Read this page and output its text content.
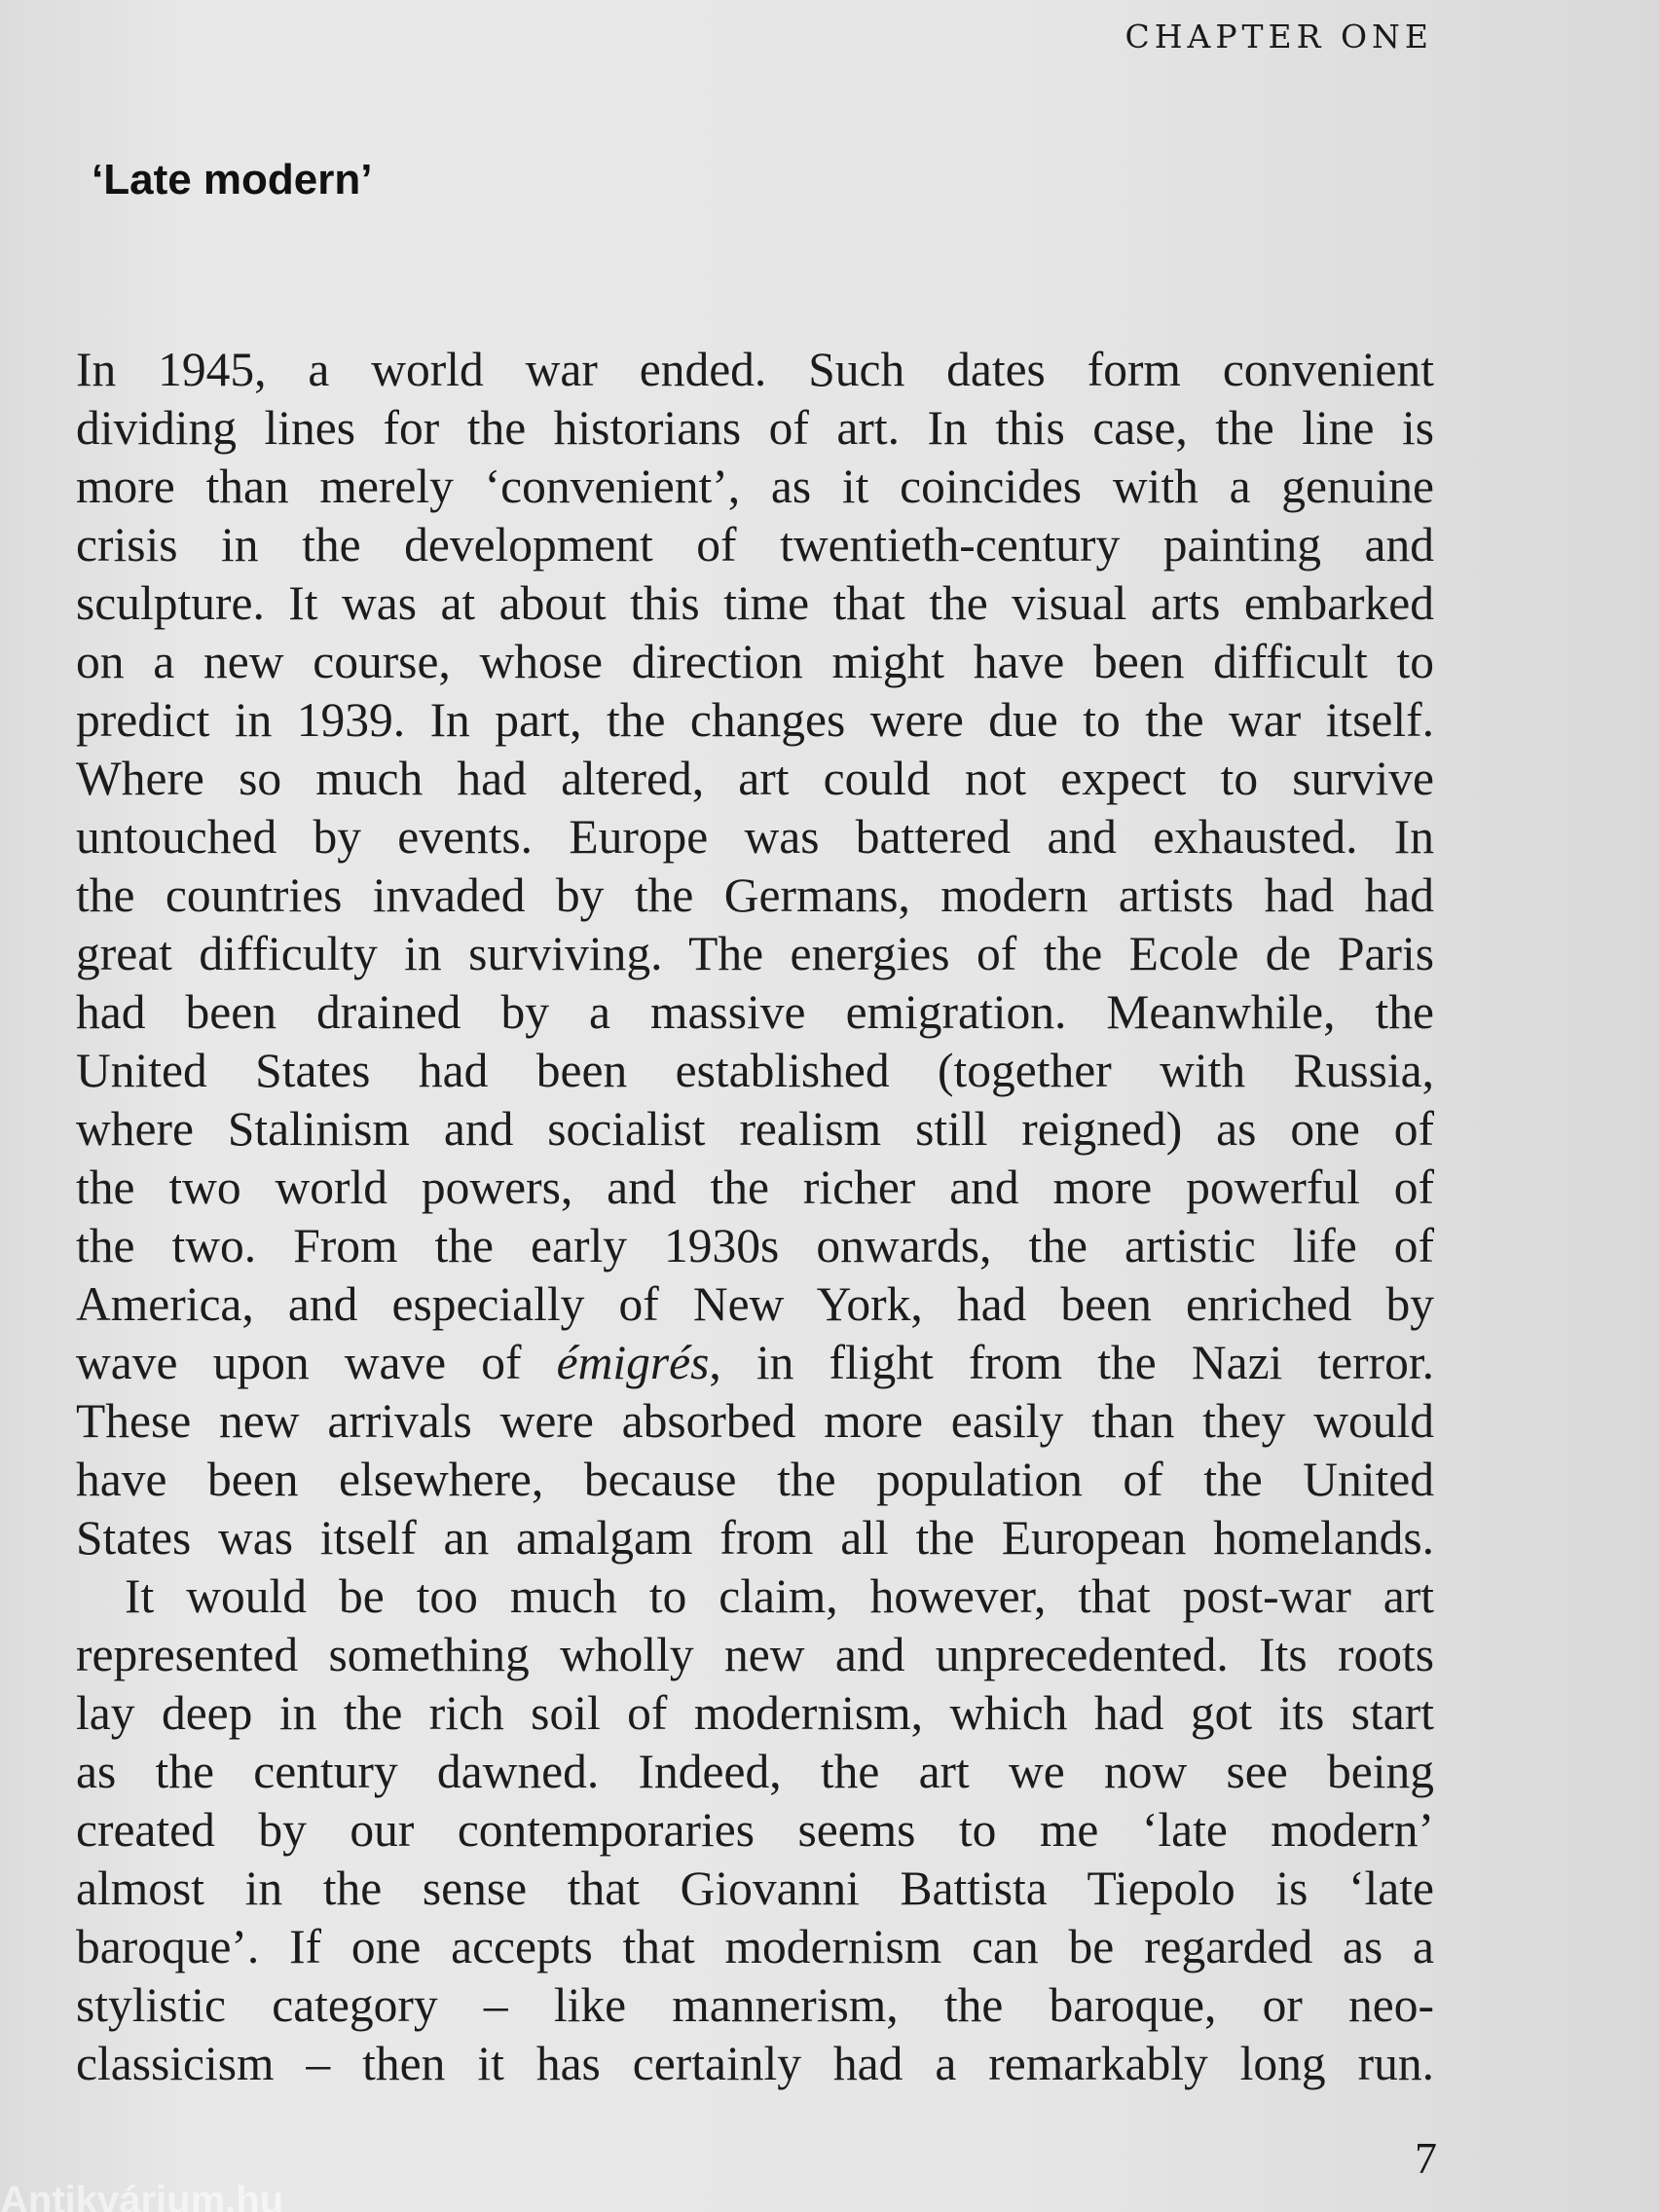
CHAPTER ONE
‘Late modern’

In 1945, a world war ended. Such dates form convenient
dividing lines for the historians of art. In this case, the line is
more than merely ‘convenient’, as it coincides with a genuine
crisis in the development of twentieth-century painting and
sculpture. It was at about this time that the visual arts embarked
on a new course, whose direction might have been difficult to
predict in 1939. In part, the changes were due to the war itself.
Where so much had altered, art could not expect to survive
untouched by events. Europe was battered and exhausted. In
the countries invaded by the Germans, modern artists had had
great difficulty in surviving. The energies of the Ecole de Paris
had been drained by a massive emigration. Meanwhile, the
United States had been established (together with Russia,
where Stalinism and socialist realism still reigned) as one of
the two world powers, and the richer and more powerful of
the two. From the early 1930s onwards, the artistic life of
America, and especially of New York, had been enriched by
wave upon wave of émigrés, in flight from the Nazi terror.
These new arrivals were absorbed more easily than they would
have been elsewhere, because the population of the United
States was itself an amalgam from all the European homelands.

It would be too much to claim, however, that post-war art
represented something wholly new and unprecedented. Its roots
lay deep in the rich soil of modernism, which had got its start
as the century dawned. Indeed, the art we now see being
created by our contemporaries seems to me ‘late modern’
almost in the sense that Giovanni Battista Tiepolo is ‘late
baroque’. If one accepts that modernism can be regarded as a
stylistic category – like mannerism, the baroque, or neo-
classicism – then it has certainly had a remarkably long run.

7
Antikvárium.hu
